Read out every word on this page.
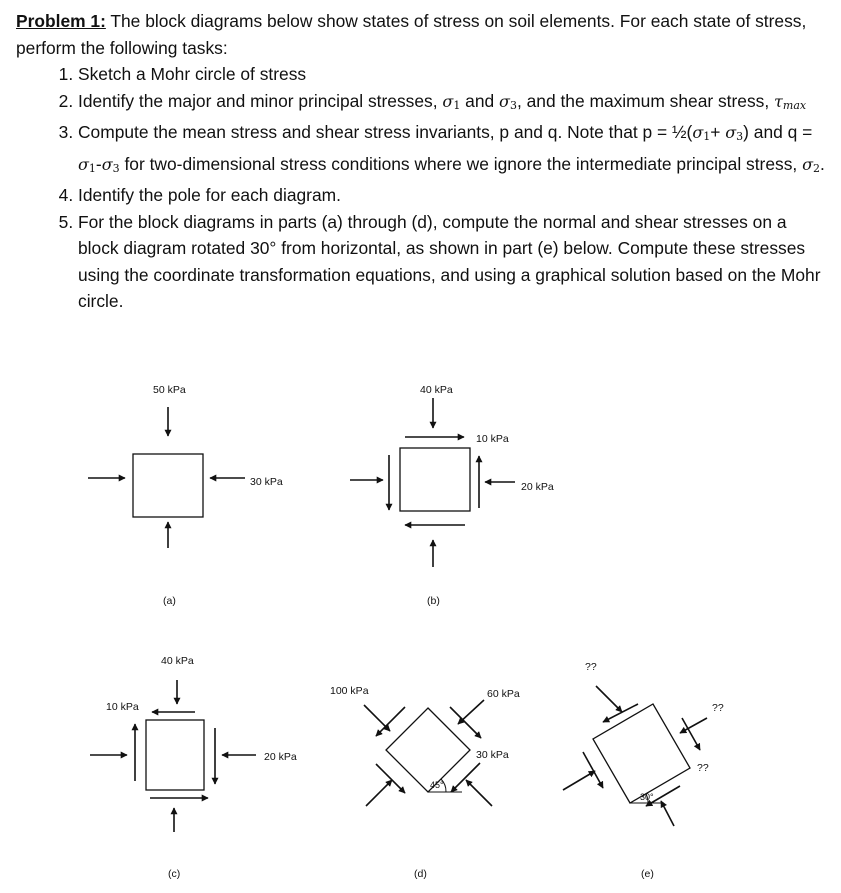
Problem 1: The block diagrams below show states of stress on soil elements. For each state of stress, perform the following tasks:
1. Sketch a Mohr circle of stress
2. Identify the major and minor principal stresses, σ1 and σ3, and the maximum shear stress, τmax
3. Compute the mean stress and shear stress invariants, p and q. Note that p = ½(σ1+ σ3) and q = σ1-σ3 for two-dimensional stress conditions where we ignore the intermediate principal stress, σ2.
4. Identify the pole for each diagram.
5. For the block diagrams in parts (a) through (d), compute the normal and shear stresses on a block diagram rotated 30° from horizontal, as shown in part (e) below. Compute these stresses using the coordinate transformation equations, and using a graphical solution based on the Mohr circle.
50 kPa
30 kPa
(a)
40 kPa
10 kPa
20 kPa
(b)
40 kPa
10 kPa
20 kPa
(c)
100 kPa	60 kPa
30 kPa
45°
(d)
??
??
??
30°
(e)
